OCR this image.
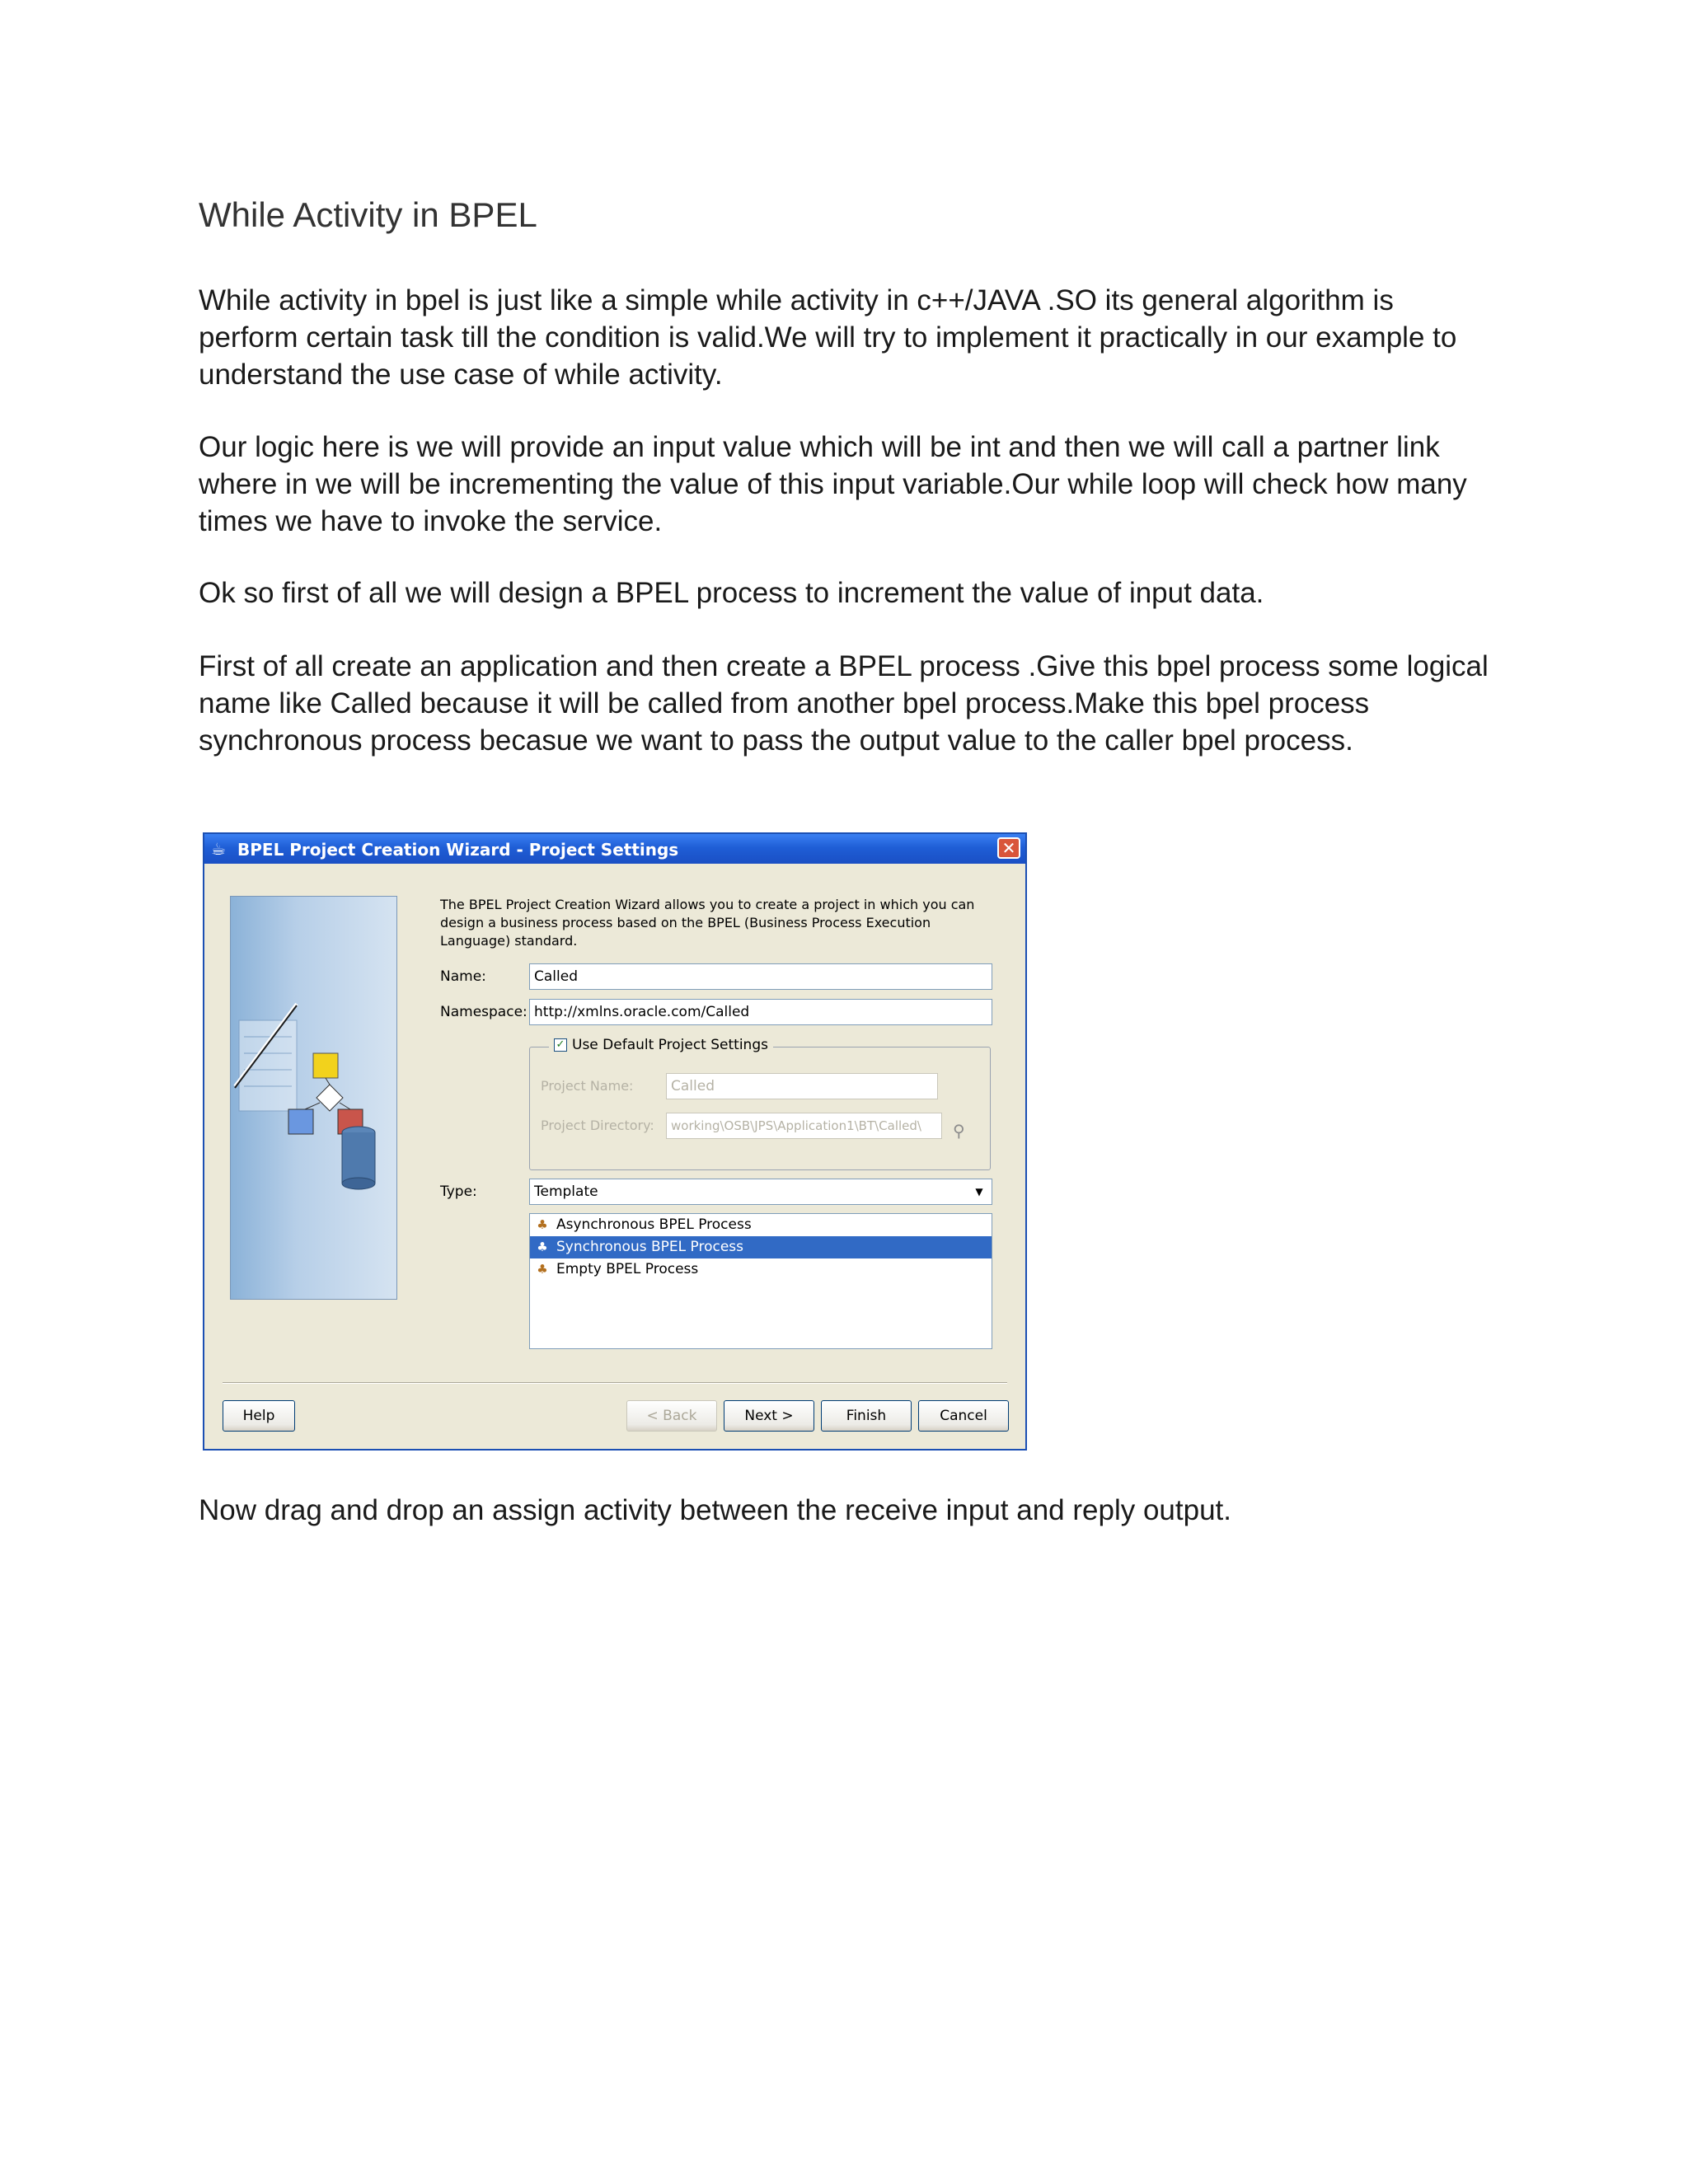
While Activity in BPEL

While activity in bpel is just like a simple while activity in c++/JAVA .SO its general algorithm is perform certain task till the condition is valid.We will try to implement it practically in our example to understand the use case of while activity.

Our logic here is we will provide an input value which will be int and then we will call a partner link where in we will be incrementing the value of this input variable.Our while loop will check how many times we have to invoke the service.

Ok so first of all we will design a BPEL process to increment the value of input data.

First of all create an application and then create a BPEL process .Give this bpel process some logical name like Called because it will be called from another bpel process.Make this bpel process synchronous process becasue we want to pass the output value to the caller bpel process.

☕ BPEL Project Creation Wizard - Project Settings	✕

The BPEL Project Creation Wizard allows you to create a project in which you can design a business process based on the BPEL (Business Process Execution Language) standard.

Name:	Called
Namespace: http://xmlns.oracle.com/Called
✓ Use Default Project Settings
Project Name:	Called
Project Directory:	working\OSB\JPS\Application1\BT\Called\	⚲
Type:	Template	▼
♣ Asynchronous BPEL Process
♣ Synchronous BPEL Process
♣ Empty BPEL Process
Help	< Back	Next >	Finish	Cancel

Now drag and drop an assign activity between the receive input and reply output.
